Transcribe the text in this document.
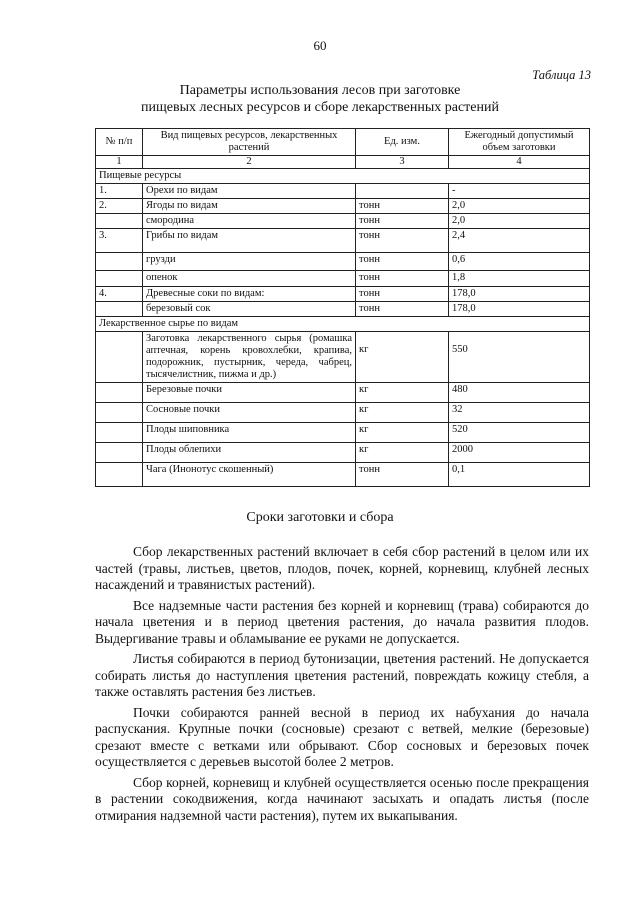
60
Таблица 13
Параметры использования лесов при заготовке
пищевых лесных ресурсов и сборе лекарственных растений
№ п/п	Вид пищевых ресурсов, лекарственных растений	Ед. изм.	Ежегодный допустимый объем заготовки
1	2	3	4
Пищевые ресурсы			
1.	Орехи по видам		-
2.	Ягоды по видам	тонн	2,0
	смородина	тонн	2,0
3.	Грибы по видам	тонн	2,4
	грузди	тонн	0,6
	опенок	тонн	1,8
4.	Древесные соки по видам:	тонн	178,0
	березовый сок	тонн	178,0
Лекарственное сырье по видам			
	Заготовка лекарственного сырья (ромашка аптечная, корень кровохлебки, крапива, подорожник, пустырник, череда, чабрец, тысячелистник, пижма и др.)	кг	550
	Березовые почки	кг	480
	Сосновые почки	кг	32
	Плоды шиповника	кг	520
	Плоды облепихи	кг	2000
	Чага (Инонотус скошенный)	тонн	0,1
Сроки заготовки и сбора

Сбор лекарственных растений включает в себя сбор растений в целом или их частей (травы, листьев, цветов, плодов, почек, корней, корневищ, клубней лесных насаждений и травянистых растений).

Все надземные части растения без корней и корневищ (трава) собираются до начала цветения и в период цветения растения, до начала развития плодов. Выдергивание травы и обламывание ее руками не допускается.

Листья собираются в период бутонизации, цветения растений. Не допускается собирать листья до наступления цветения растений, повреждать кожицу стебля, а также оставлять растения без листьев.

Почки собираются ранней весной в период их набухания до начала распускания. Крупные почки (сосновые) срезают с ветвей, мелкие (березовые) срезают вместе с ветками или обрывают. Сбор сосновых и березовых почек осуществляется с деревьев высотой более 2 метров.

Сбор корней, корневищ и клубней осуществляется осенью после прекращения в растении сокодвижения, когда начинают засыхать и опадать листья (после отмирания надземной части растения), путем их выкапывания.
